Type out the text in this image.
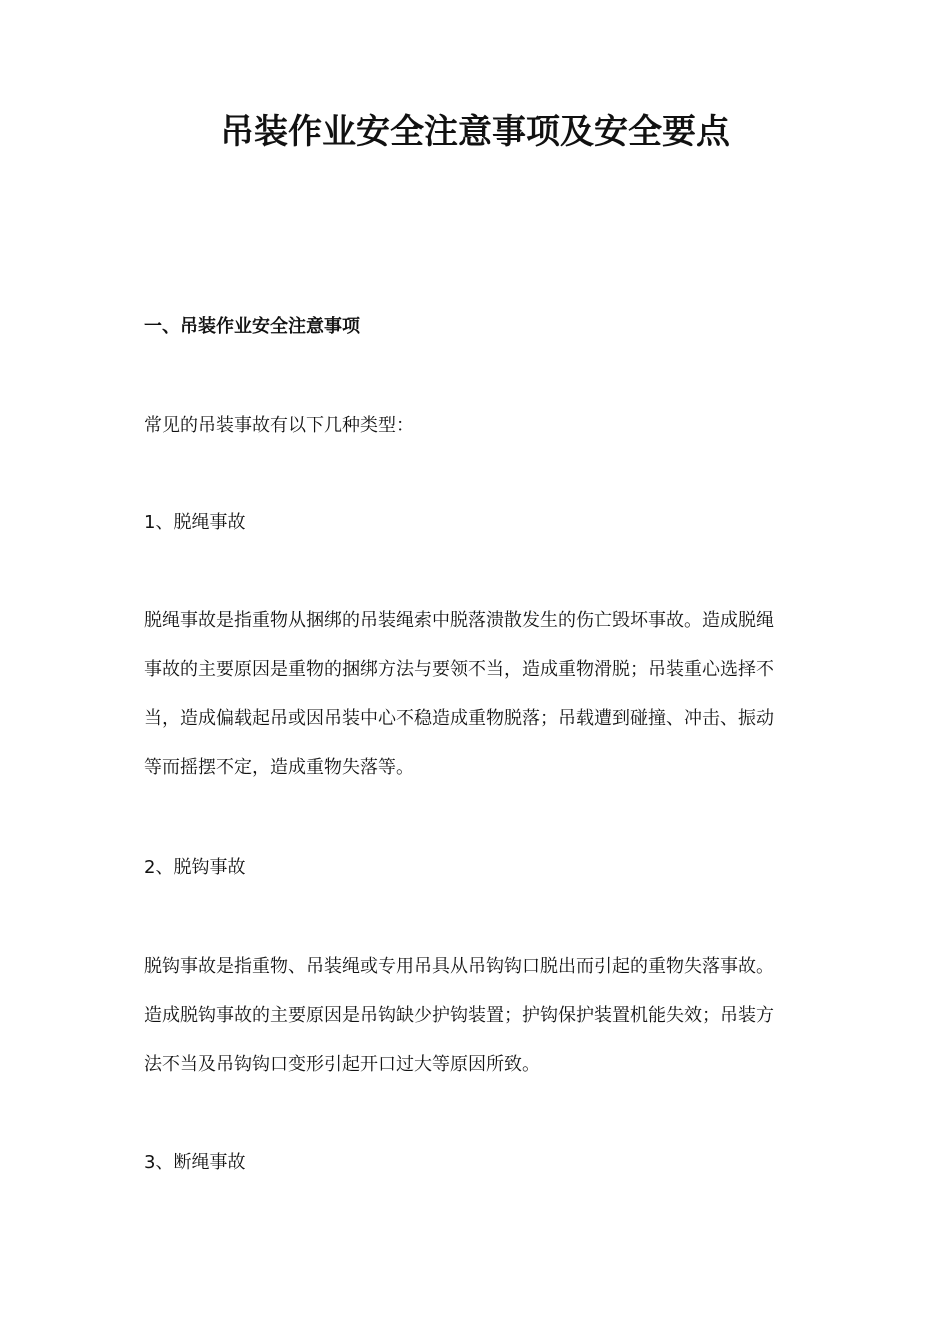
吊装作业安全注意事项及安全要点

一、吊装作业安全注意事项

常见的吊装事故有以下几种类型：

1、脱绳事故

脱绳事故是指重物从捆绑的吊装绳索中脱落溃散发生的伤亡毁坏事故。造成脱绳
事故的主要原因是重物的捆绑方法与要领不当，造成重物滑脱；吊装重心选择不
当，造成偏载起吊或因吊装中心不稳造成重物脱落；吊载遭到碰撞、冲击、振动
等而摇摆不定，造成重物失落等。

2、脱钩事故

脱钩事故是指重物、吊装绳或专用吊具从吊钩钩口脱出而引起的重物失落事故。
造成脱钩事故的主要原因是吊钩缺少护钩装置；护钩保护装置机能失效；吊装方
法不当及吊钩钩口变形引起开口过大等原因所致。

3、断绳事故
